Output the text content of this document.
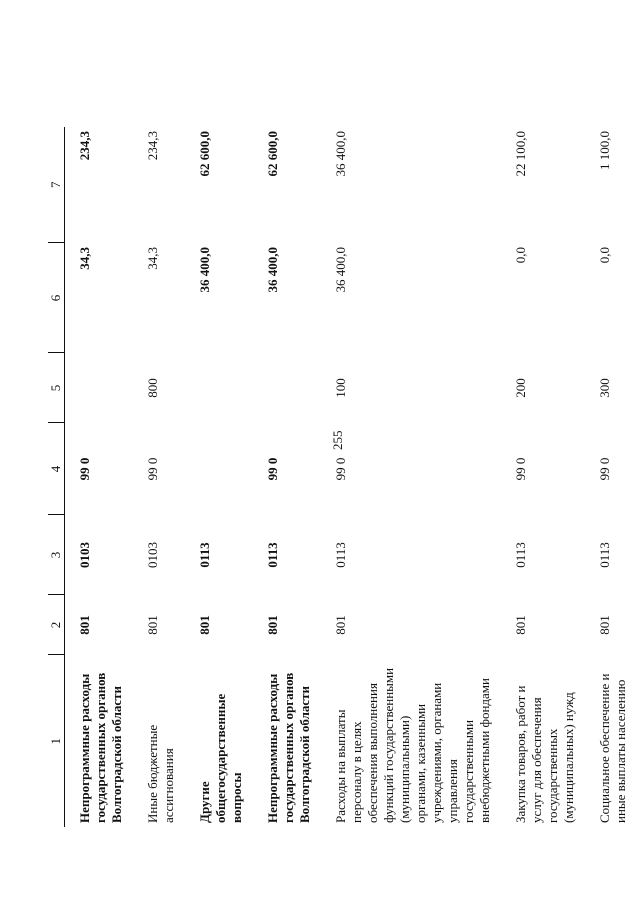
255
1	2	3	4	5	6	7
Непрограммные расходы государственных органов Волгоградской области	801	0103	99 0		34,3	234,3
Иные бюджетные ассигнования	801	0103	99 0	800	34,3	234,3
Другие общегосударственные вопросы	801	0113			36 400,0	62 600,0
Непрограммные расходы государственных органов Волгоградской области	801	0113	99 0		36 400,0	62 600,0
Расходы на выплаты персоналу в целях обеспечения выполнения функций государственными (муниципальными) органами, казенными учреждениями, органами управления государственными внебюджетными фондами	801	0113	99 0	100	36 400,0	36 400,0
Закупка товаров, работ и услуг для обеспечения государственных (муниципальных) нужд	801	0113	99 0	200	0,0	22 100,0
Социальное обеспечение и иные выплаты населению	801	0113	99 0	300	0,0	1 100,0
